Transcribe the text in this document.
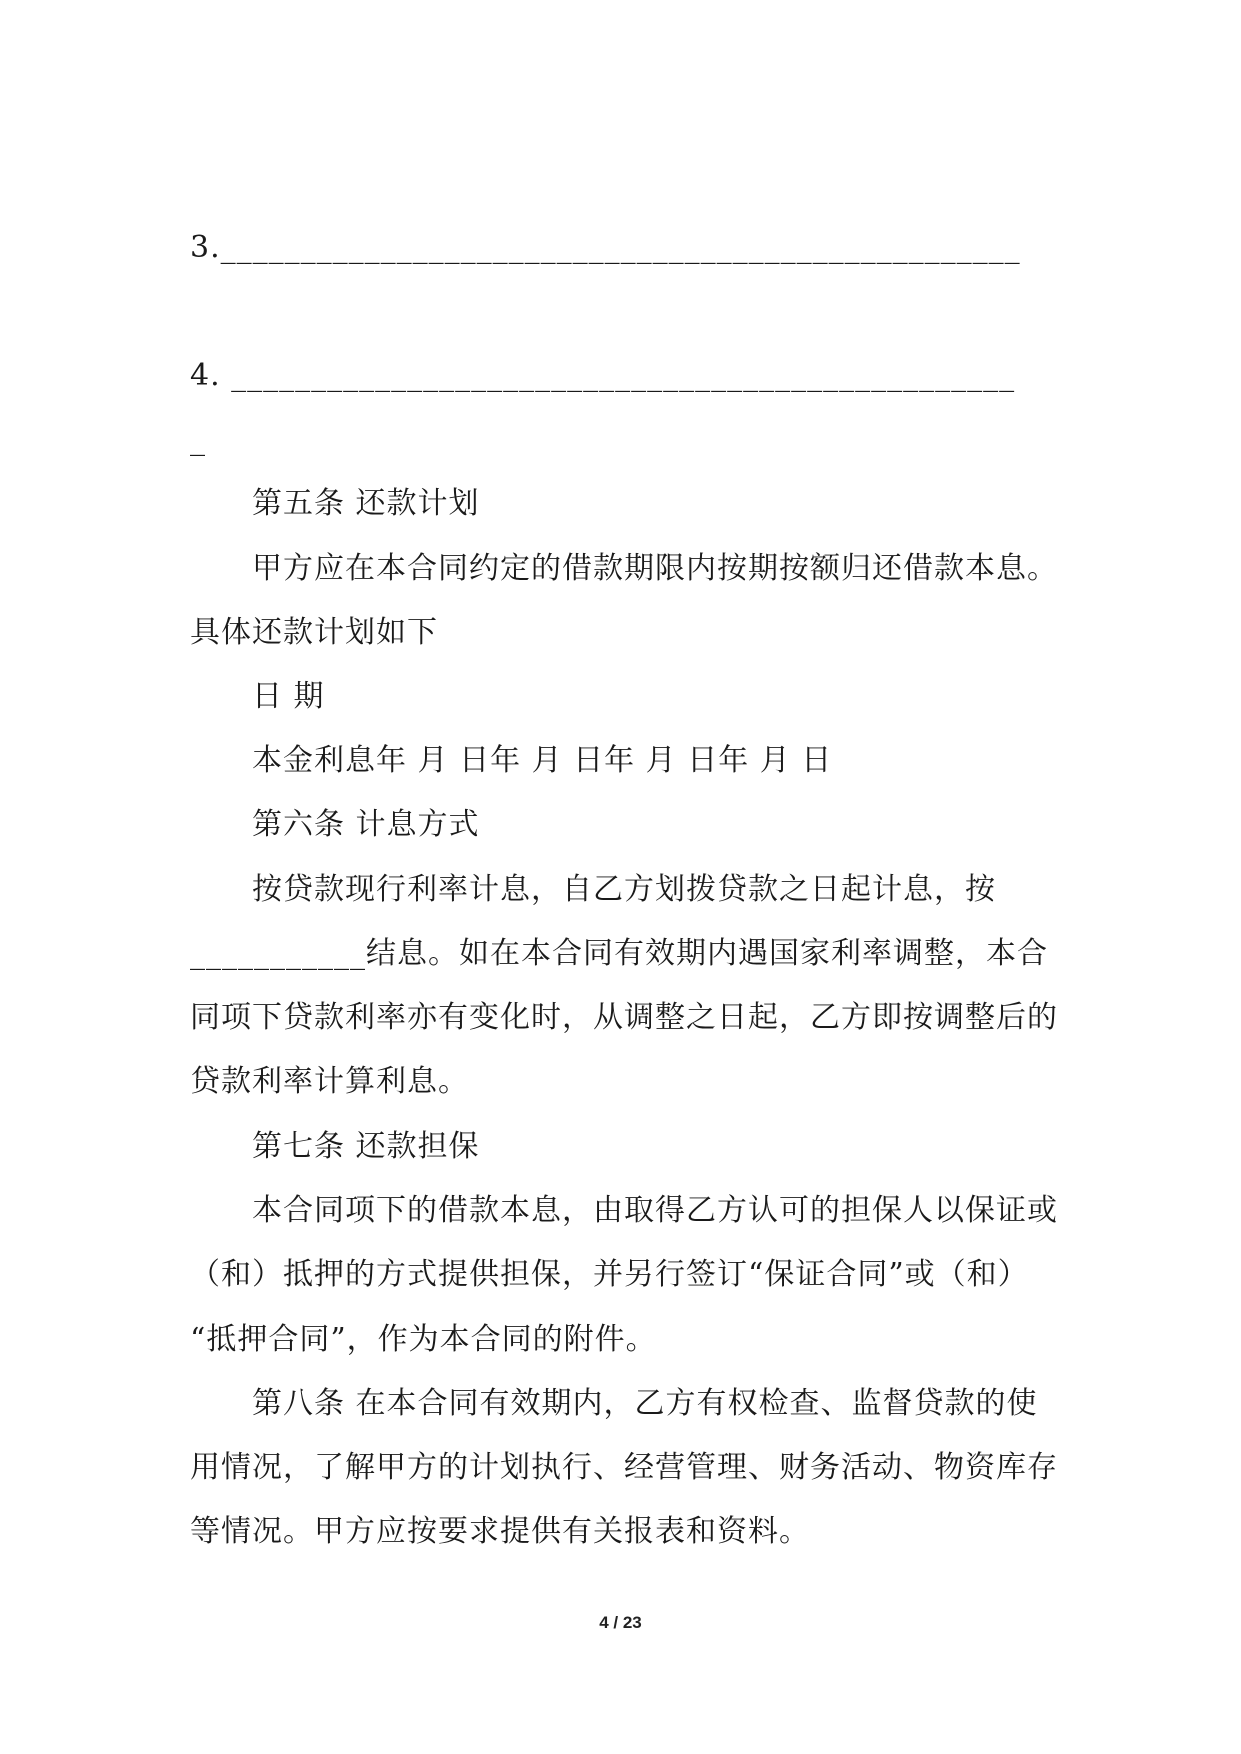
3.__________________________________________________
4. _________________________________________________
_
第五条 还款计划
甲方应在本合同约定的借款期限内按期按额归还借款本息。
具体还款计划如下
日 期
本金利息年 月 日年 月 日年 月 日年 月 日
第六条 计息方式
按贷款现行利率计息，自乙方划拨贷款之日起计息，按
___________结息。如在本合同有效期内遇国家利率调整，本合
同项下贷款利率亦有变化时，从调整之日起，乙方即按调整后的
贷款利率计算利息。
第七条 还款担保
本合同项下的借款本息，由取得乙方认可的担保人以保证或
（和）抵押的方式提供担保，并另行签订“保证合同”或（和）
“抵押合同”，作为本合同的附件。
第八条 在本合同有效期内，乙方有权检查、监督贷款的使
用情况，了解甲方的计划执行、经营管理、财务活动、物资库存
等情况。甲方应按要求提供有关报表和资料。
4 / 23
